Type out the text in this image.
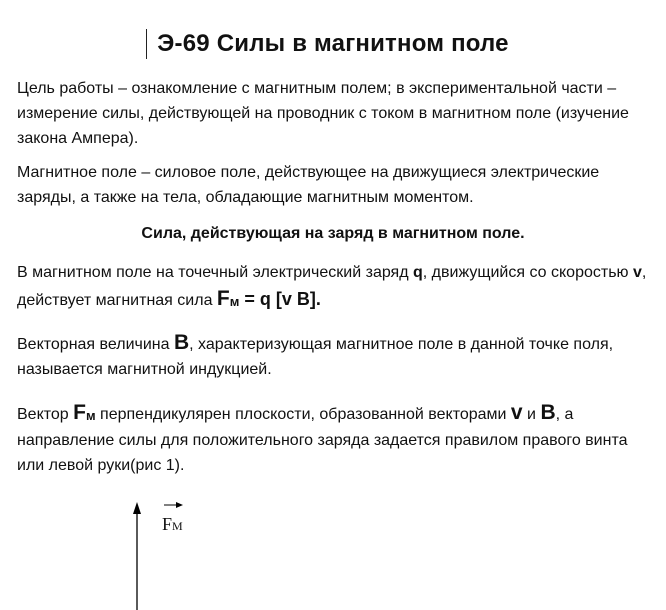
Э-69 Силы в магнитном поле
Цель работы – ознакомление с магнитным полем; в экспериментальной части – измерение силы, действующей на проводник с током в магнитном поле (изучение закона Ампера).
Магнитное поле – силовое поле, действующее на движущиеся электрические заряды, а также на тела, обладающие магнитным моментом.
Сила, действующая на заряд в магнитном поле.
В магнитном поле на точечный электрический заряд q, движущийся со скоростью v, действует магнитная сила $F_м = q$ [v B].
Векторная величина B, характеризующая магнитное поле в данной точке поля, называется магнитной индукцией.
Вектор $F_м$ перпендикулярен плоскости, образованной векторами v и B, а направление силы для положительного заряда задается правилом правого винта или левой руки(рис 1).
FM
